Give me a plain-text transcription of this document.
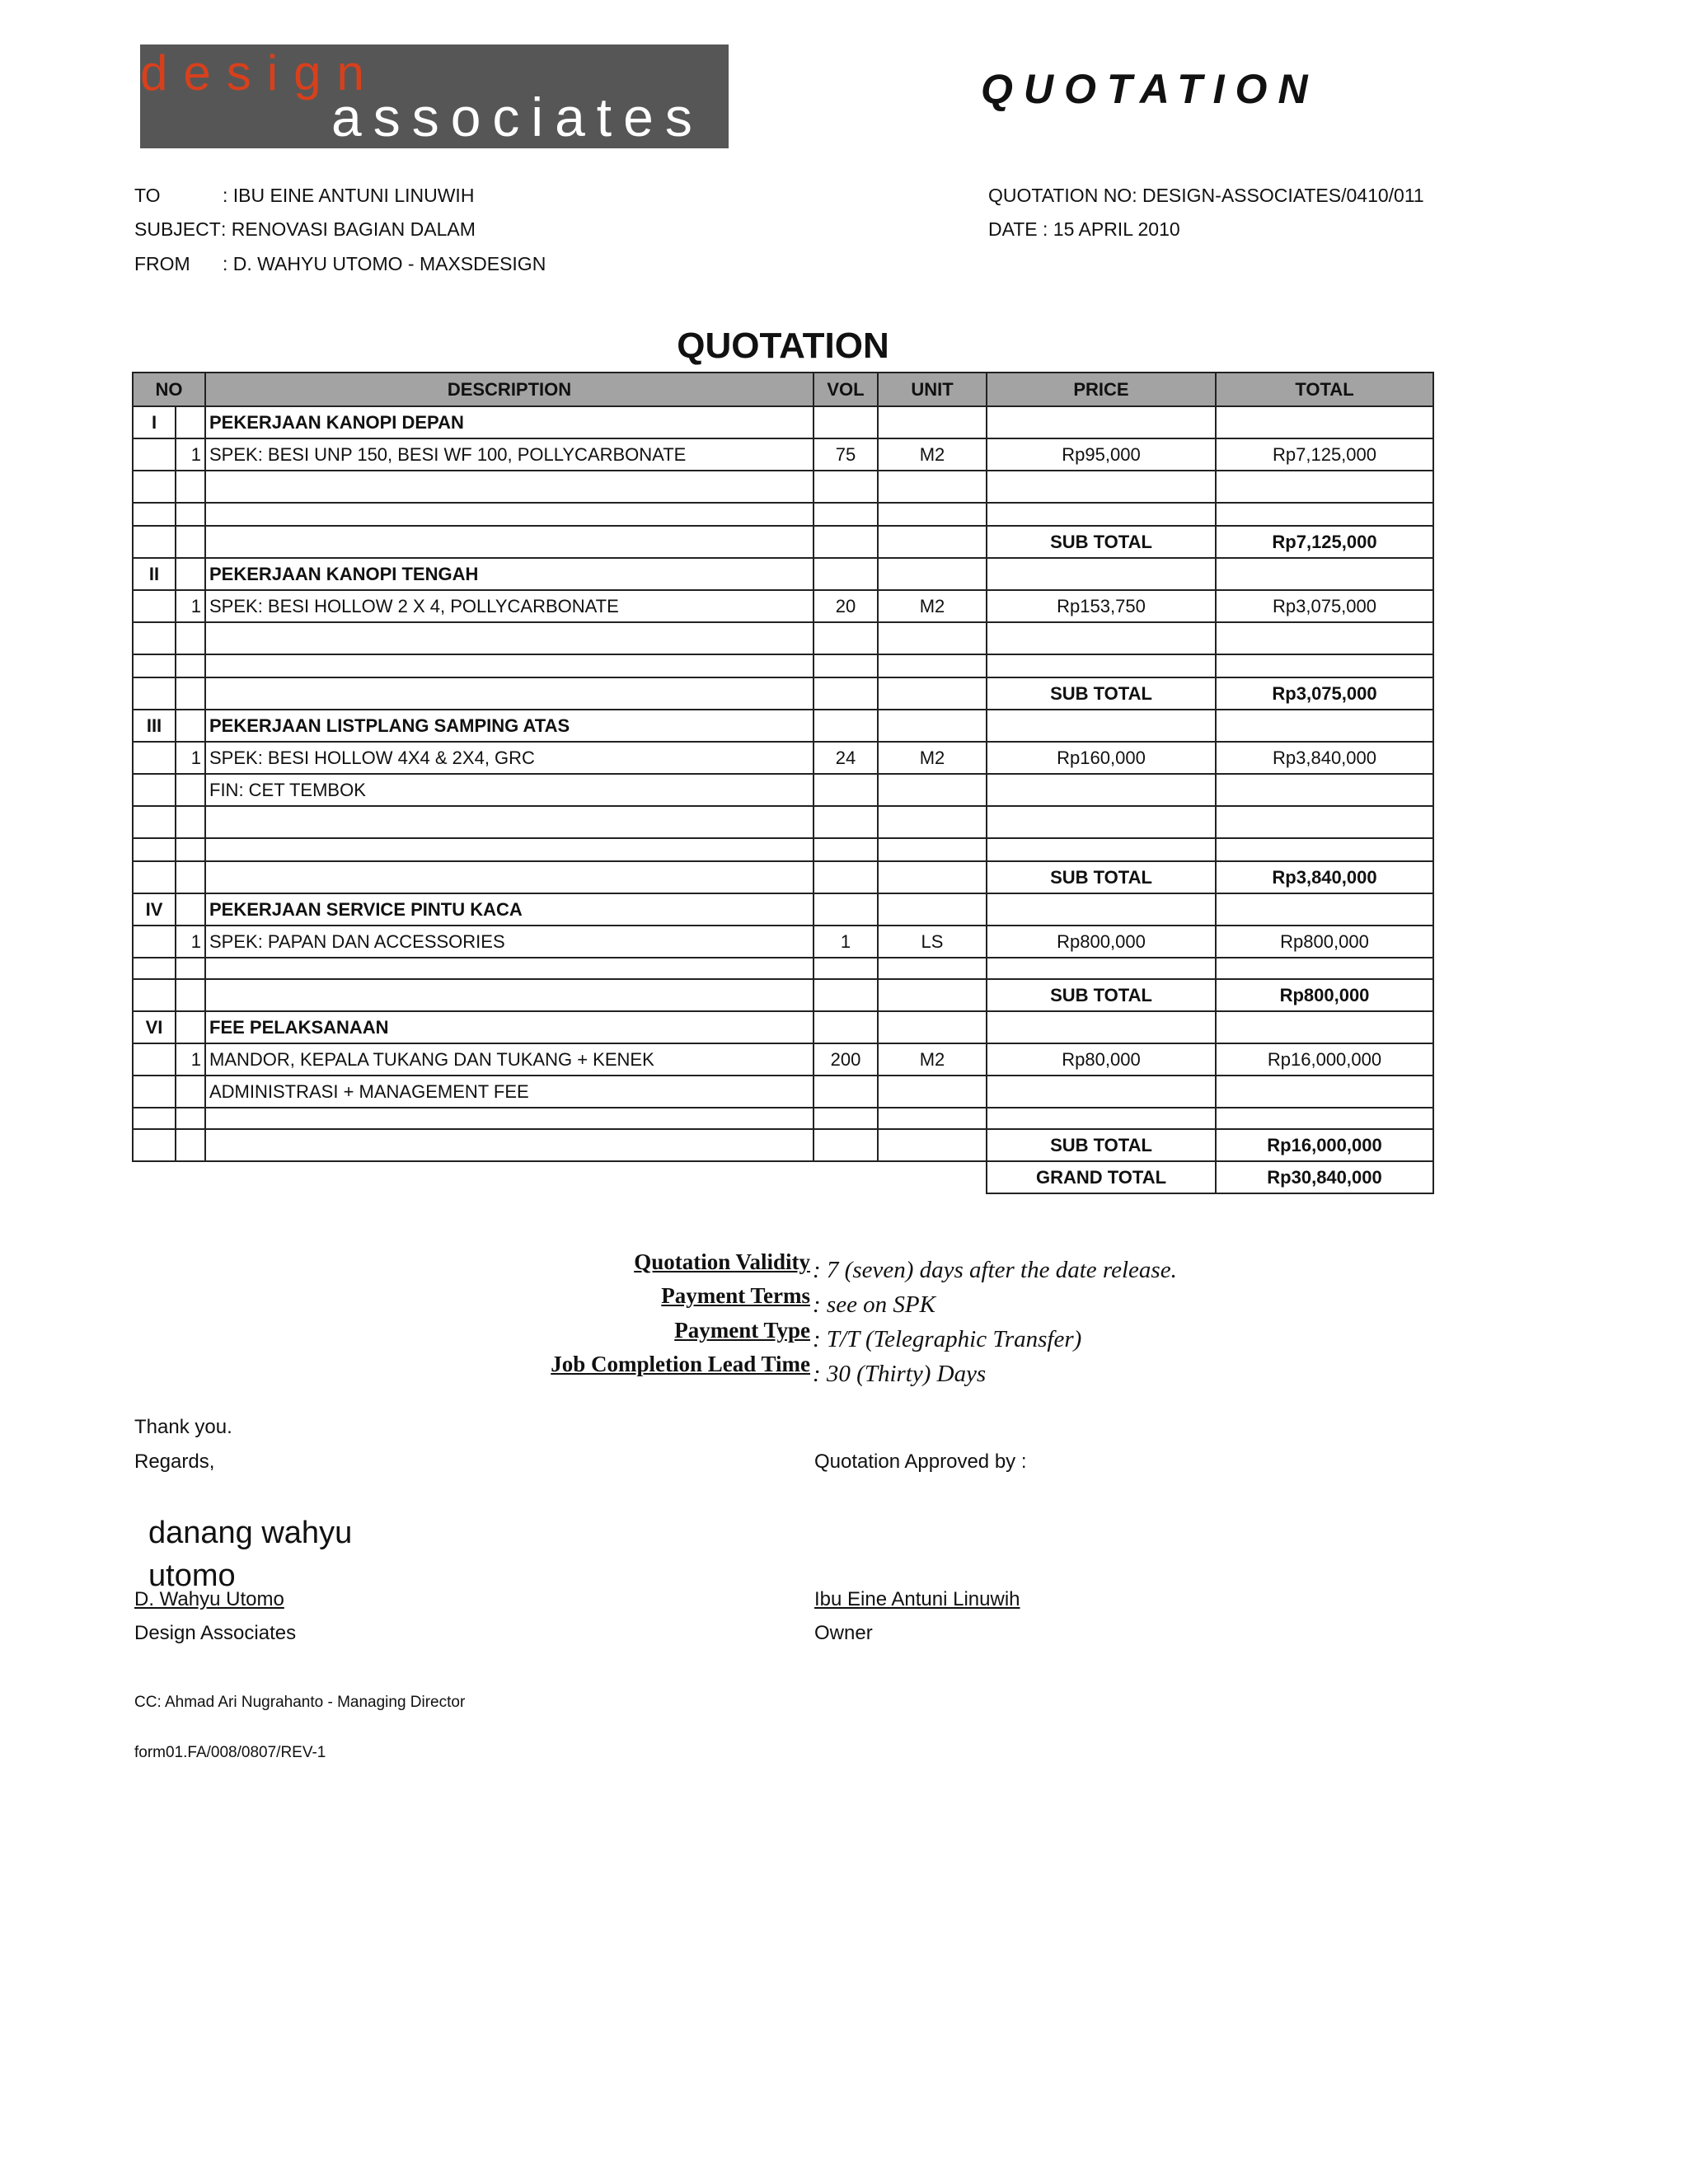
design
associates	QUOTATION
TO	: IBU EINE ANTUNI LINUWIH
SUBJECT : RENOVASI BAGIAN DALAM
FROM : D. WAHYU UTOMO - MAXSDESIGN
QUOTATION NO: DESIGN-ASSOCIATES/0410/011
DATE : 15 APRIL 2010
QUOTATION
NO		DESCRIPTION	VOL	UNIT	PRICE	TOTAL
I		PEKERJAAN KANOPI DEPAN				
	1	SPEK: BESI UNP 150, BESI WF 100, POLLYCARBONATE	75	M2	Rp95,000	Rp7,125,000

					SUB TOTAL	Rp7,125,000
II		PEKERJAAN KANOPI TENGAH				
	1	SPEK: BESI HOLLOW 2 X 4, POLLYCARBONATE	20	M2	Rp153,750	Rp3,075,000

					SUB TOTAL	Rp3,075,000
III		PEKERJAAN LISTPLANG SAMPING ATAS				
	1	SPEK: BESI HOLLOW 4X4 & 2X4, GRC	24	M2	Rp160,000	Rp3,840,000
		FIN: CET TEMBOK				

					SUB TOTAL	Rp3,840,000
IV		PEKERJAAN SERVICE PINTU KACA				
	1	SPEK: PAPAN DAN ACCESSORIES	1	LS	Rp800,000	Rp800,000

					SUB TOTAL	Rp800,000
VI		FEE PELAKSANAAN				
	1	MANDOR, KEPALA TUKANG DAN TUKANG + KENEK	200	M2	Rp80,000	Rp16,000,000
		ADMINISTRASI + MANAGEMENT FEE				

					SUB TOTAL	Rp16,000,000
					GRAND TOTAL	Rp30,840,000
Quotation Validity : 7 (seven) days after the date release.
Payment Terms : see on SPK
Payment Type : T/T (Telegraphic Transfer)
Job Completion Lead Time : 30 (Thirty) Days
Thank you.
Regards,	Quotation Approved by :
danang wahyu utomo
D. Wahyu Utomo
Design Associates
Ibu Eine Antuni Linuwih
Owner
CC: Ahmad Ari Nugrahanto - Managing Director
form01.FA/008/0807/REV-1
